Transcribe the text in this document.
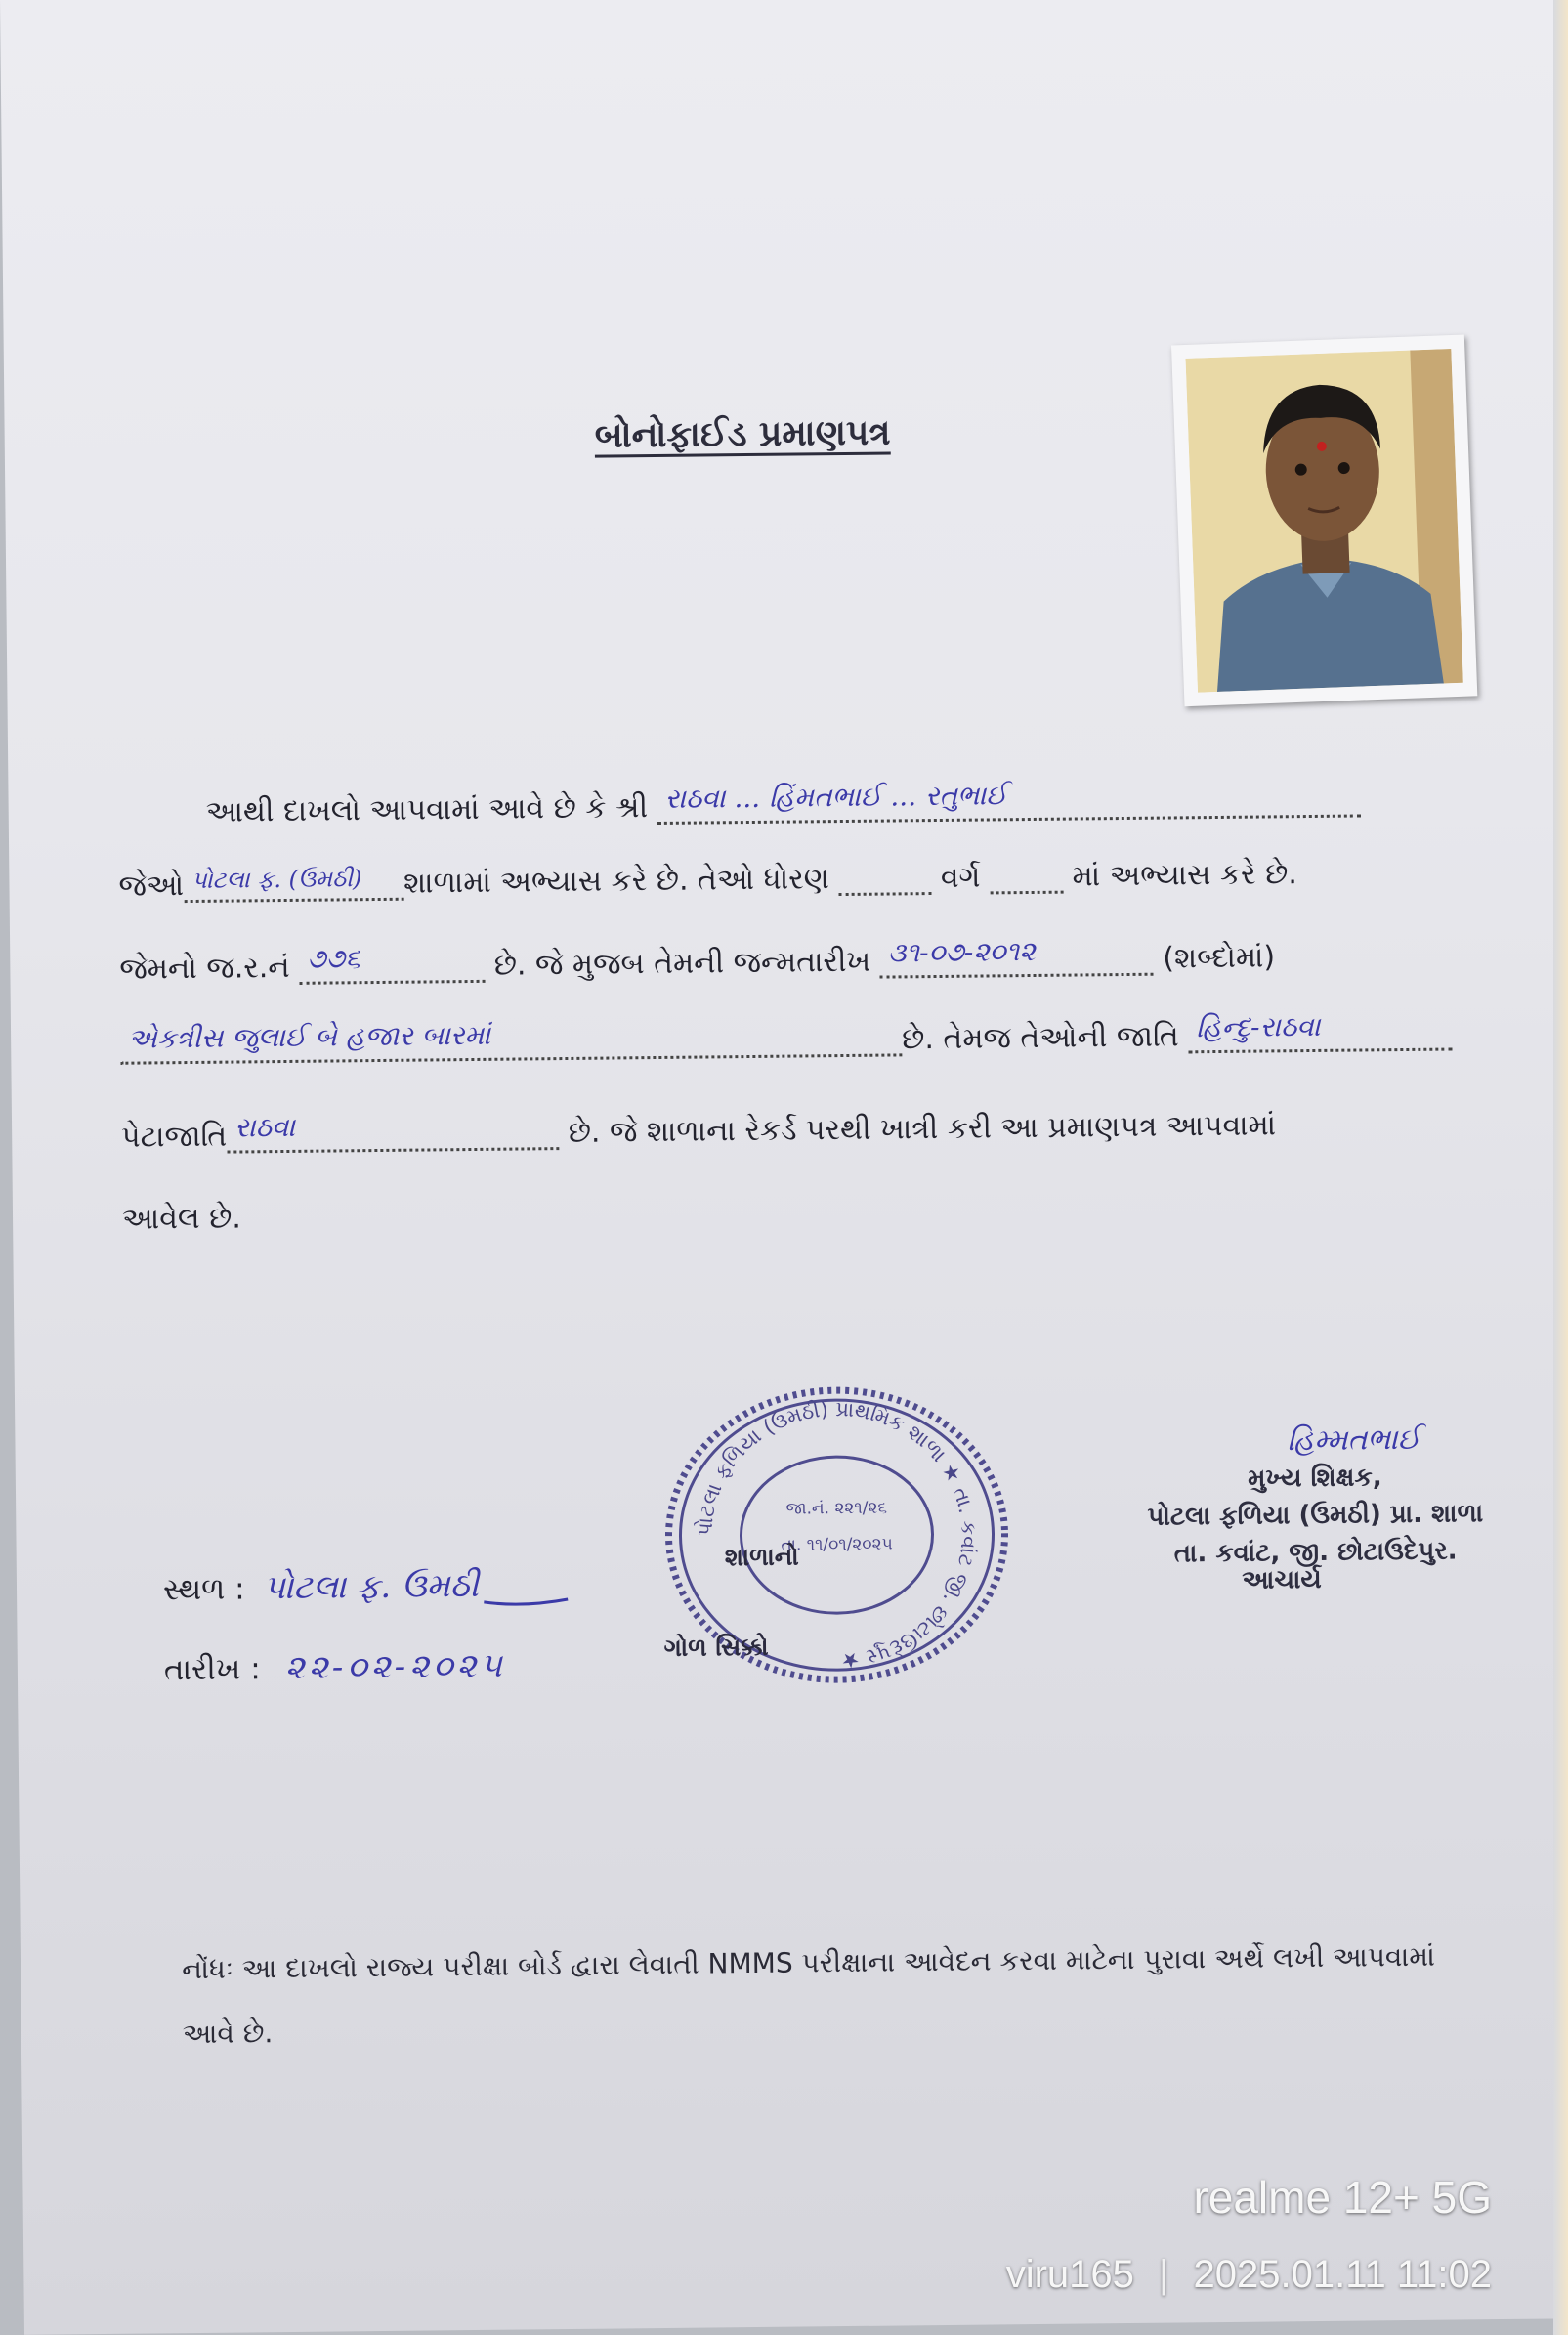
બોનોફાઈડ પ્રમાણપત્ર
આથી દાખલો આપવામાં આવે છે કે શ્રી રાઠવા ... હિંમતભાઈ ... રતુભાઈ
જેઓ પોટલા ફ. (ઉમઠી) શાળામાં અભ્યાસ કરે છે. તેઓ ધોરણ	વર્ગ	માં અભ્યાસ કરે છે.
જેમનો જ.ર.નં ૭૭૬	છે. જે મુજબ તેમની જન્મતારીખ ૩૧-૦૭-૨૦૧૨	(શબ્દોમાં)
એકત્રીસ જુલાઈ બે હજાર બારમાં	છે. તેમજ તેઓની જાતિ હિન્દુ-રાઠવા
પેટાજાતિ રાઠવા	છે. જે શાળાના રેકર્ડ પરથી ખાત્રી કરી આ પ્રમાણપત્ર આપવામાં
આવેલ છે.
સ્થળ : પોટલા ફ. ઉમઠી
તારીખ : ૨૨-૦૨-૨૦૨૫
પોટલા ફળિયા (ઉમઠી) પ્રાથમિક શાળા ★ તા. કવાંટ જી. છોટાઉદેપુર ★
જા.નં. ૨૨૧/૨૬
તા. ૧૧/૦૧/૨૦૨૫
શાળાનો
ગોળ સિક્કો
હિમ્મતભાઈ
મુખ્ય શિક્ષક,
પોટલા ફળિયા (ઉમઠી) પ્રા. શાળા
તા. કવાંટ, જી. છોટાઉદેપુર.
આચાર્ય
નોંધઃ આ દાખલો રાજ્ય પરીક્ષા બોર્ડ દ્વારા લેવાતી NMMS પરીક્ષાના આવેદન કરવા માટેના પુરાવા અર્થે લખી આપવામાં આવે છે.
realme 12+ 5G
viru165 | 2025.01.11 11:02
